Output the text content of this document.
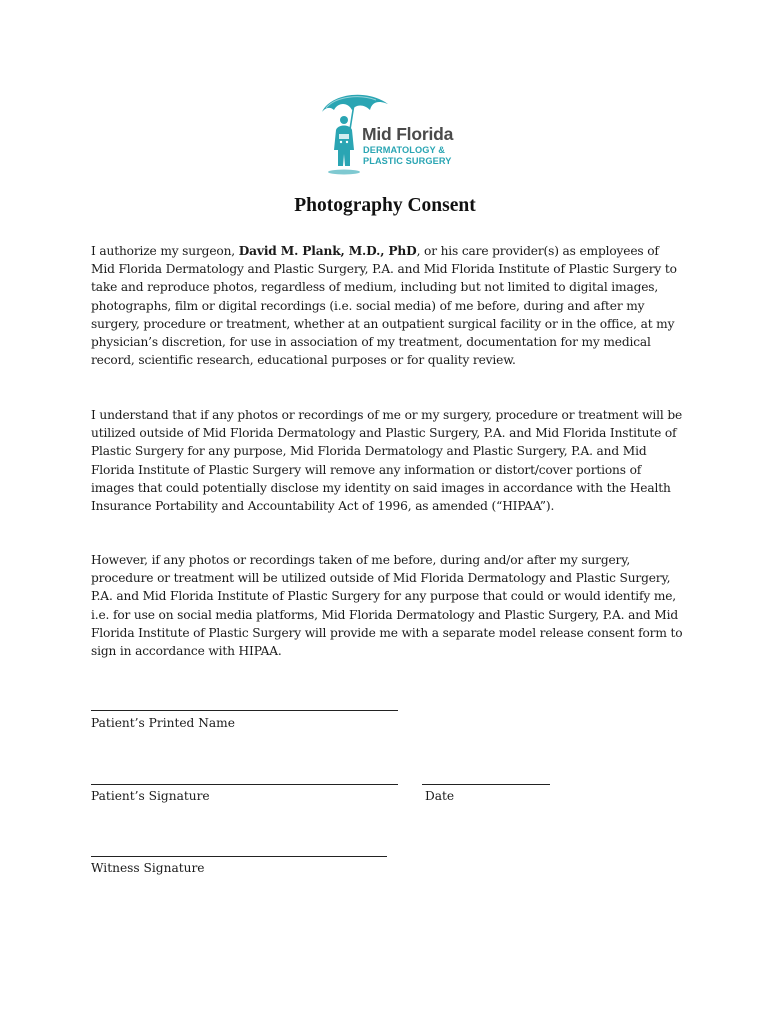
Mid Florida
DERMATOLOGY &
PLASTIC SURGERY
Photography Consent
I authorize my surgeon, David M. Plank, M.D., PhD, or his care provider(s) as employees of Mid Florida Dermatology and Plastic Surgery, P.A. and Mid Florida Institute of Plastic Surgery to take and reproduce photos, regardless of medium, including but not limited to digital images, photographs, film or digital recordings (i.e. social media) of me before, during and after my surgery, procedure or treatment, whether at an outpatient surgical facility or in the office, at my physician’s discretion, for use in association of my treatment, documentation for my medical record, scientific research, educational purposes or for quality review.
I understand that if any photos or recordings of me or my surgery, procedure or treatment will be utilized outside of Mid Florida Dermatology and Plastic Surgery, P.A. and Mid Florida Institute of Plastic Surgery for any purpose, Mid Florida Dermatology and Plastic Surgery, P.A. and Mid Florida Institute of Plastic Surgery will remove any information or distort/cover portions of images that could potentially disclose my identity on said images in accordance with the Health Insurance Portability and Accountability Act of 1996, as amended (“HIPAA”).
However, if any photos or recordings taken of me before, during and/or after my surgery, procedure or treatment will be utilized outside of Mid Florida Dermatology and Plastic Surgery, P.A. and Mid Florida Institute of Plastic Surgery for any purpose that could or would identify me, i.e. for use on social media platforms, Mid Florida Dermatology and Plastic Surgery, P.A. and Mid Florida Institute of Plastic Surgery will provide me with a separate model release consent form to sign in accordance with HIPAA.
Patient’s Printed Name
Patient’s Signature	Date
Witness Signature
